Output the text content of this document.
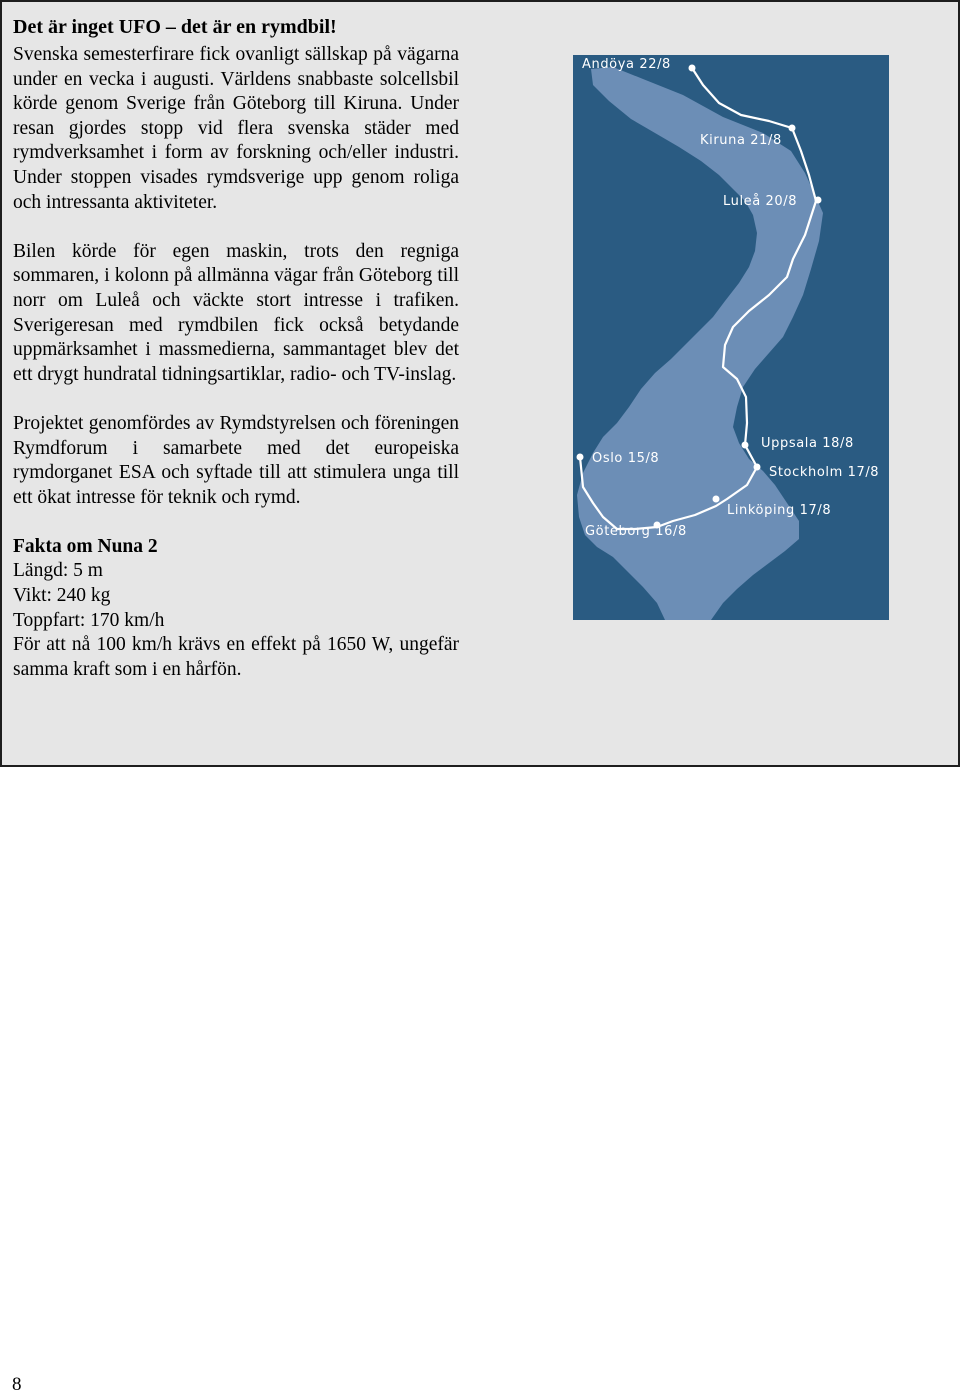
Det är inget UFO – det är en rymdbil!

Svenska semesterfirare fick ovanligt sällskap på vägarna under en vecka i augusti. Världens snabbaste solcellsbil körde genom Sverige från Göteborg till Kiruna. Under resan gjordes stopp vid flera svenska städer med rymdverksamhet i form av forskning och/eller industri. Under stoppen visades rymdsverige upp genom roliga och intressanta aktiviteter.

Bilen körde för egen maskin, trots den regniga sommaren, i kolonn på allmänna vägar från Göteborg till norr om Luleå och väckte stort intresse i trafiken. Sverigeresan med rymdbilen fick också betydande uppmärksamhet i massmedierna, sammantaget blev det ett drygt hundratal tidningsartiklar, radio- och TV-inslag.

Projektet genomfördes av Rymdstyrelsen och föreningen Rymdforum i samarbete med det europeiska rymdorganet ESA och syftade till att stimulera unga till ett ökat intresse för teknik och rymd.

Fakta om Nuna 2
Längd: 5 m
Vikt: 240 kg
Toppfart: 170 km/h
För att nå 100 km/h krävs en effekt på 1650 W, ungefär samma kraft som i en hårfön.
Andöya 22/8
Kiruna 21/8
Luleå 20/8
Uppsala 18/8
Stockholm 17/8
Oslo 15/8
Göteborg 16/8
Linköping 17/8
8
